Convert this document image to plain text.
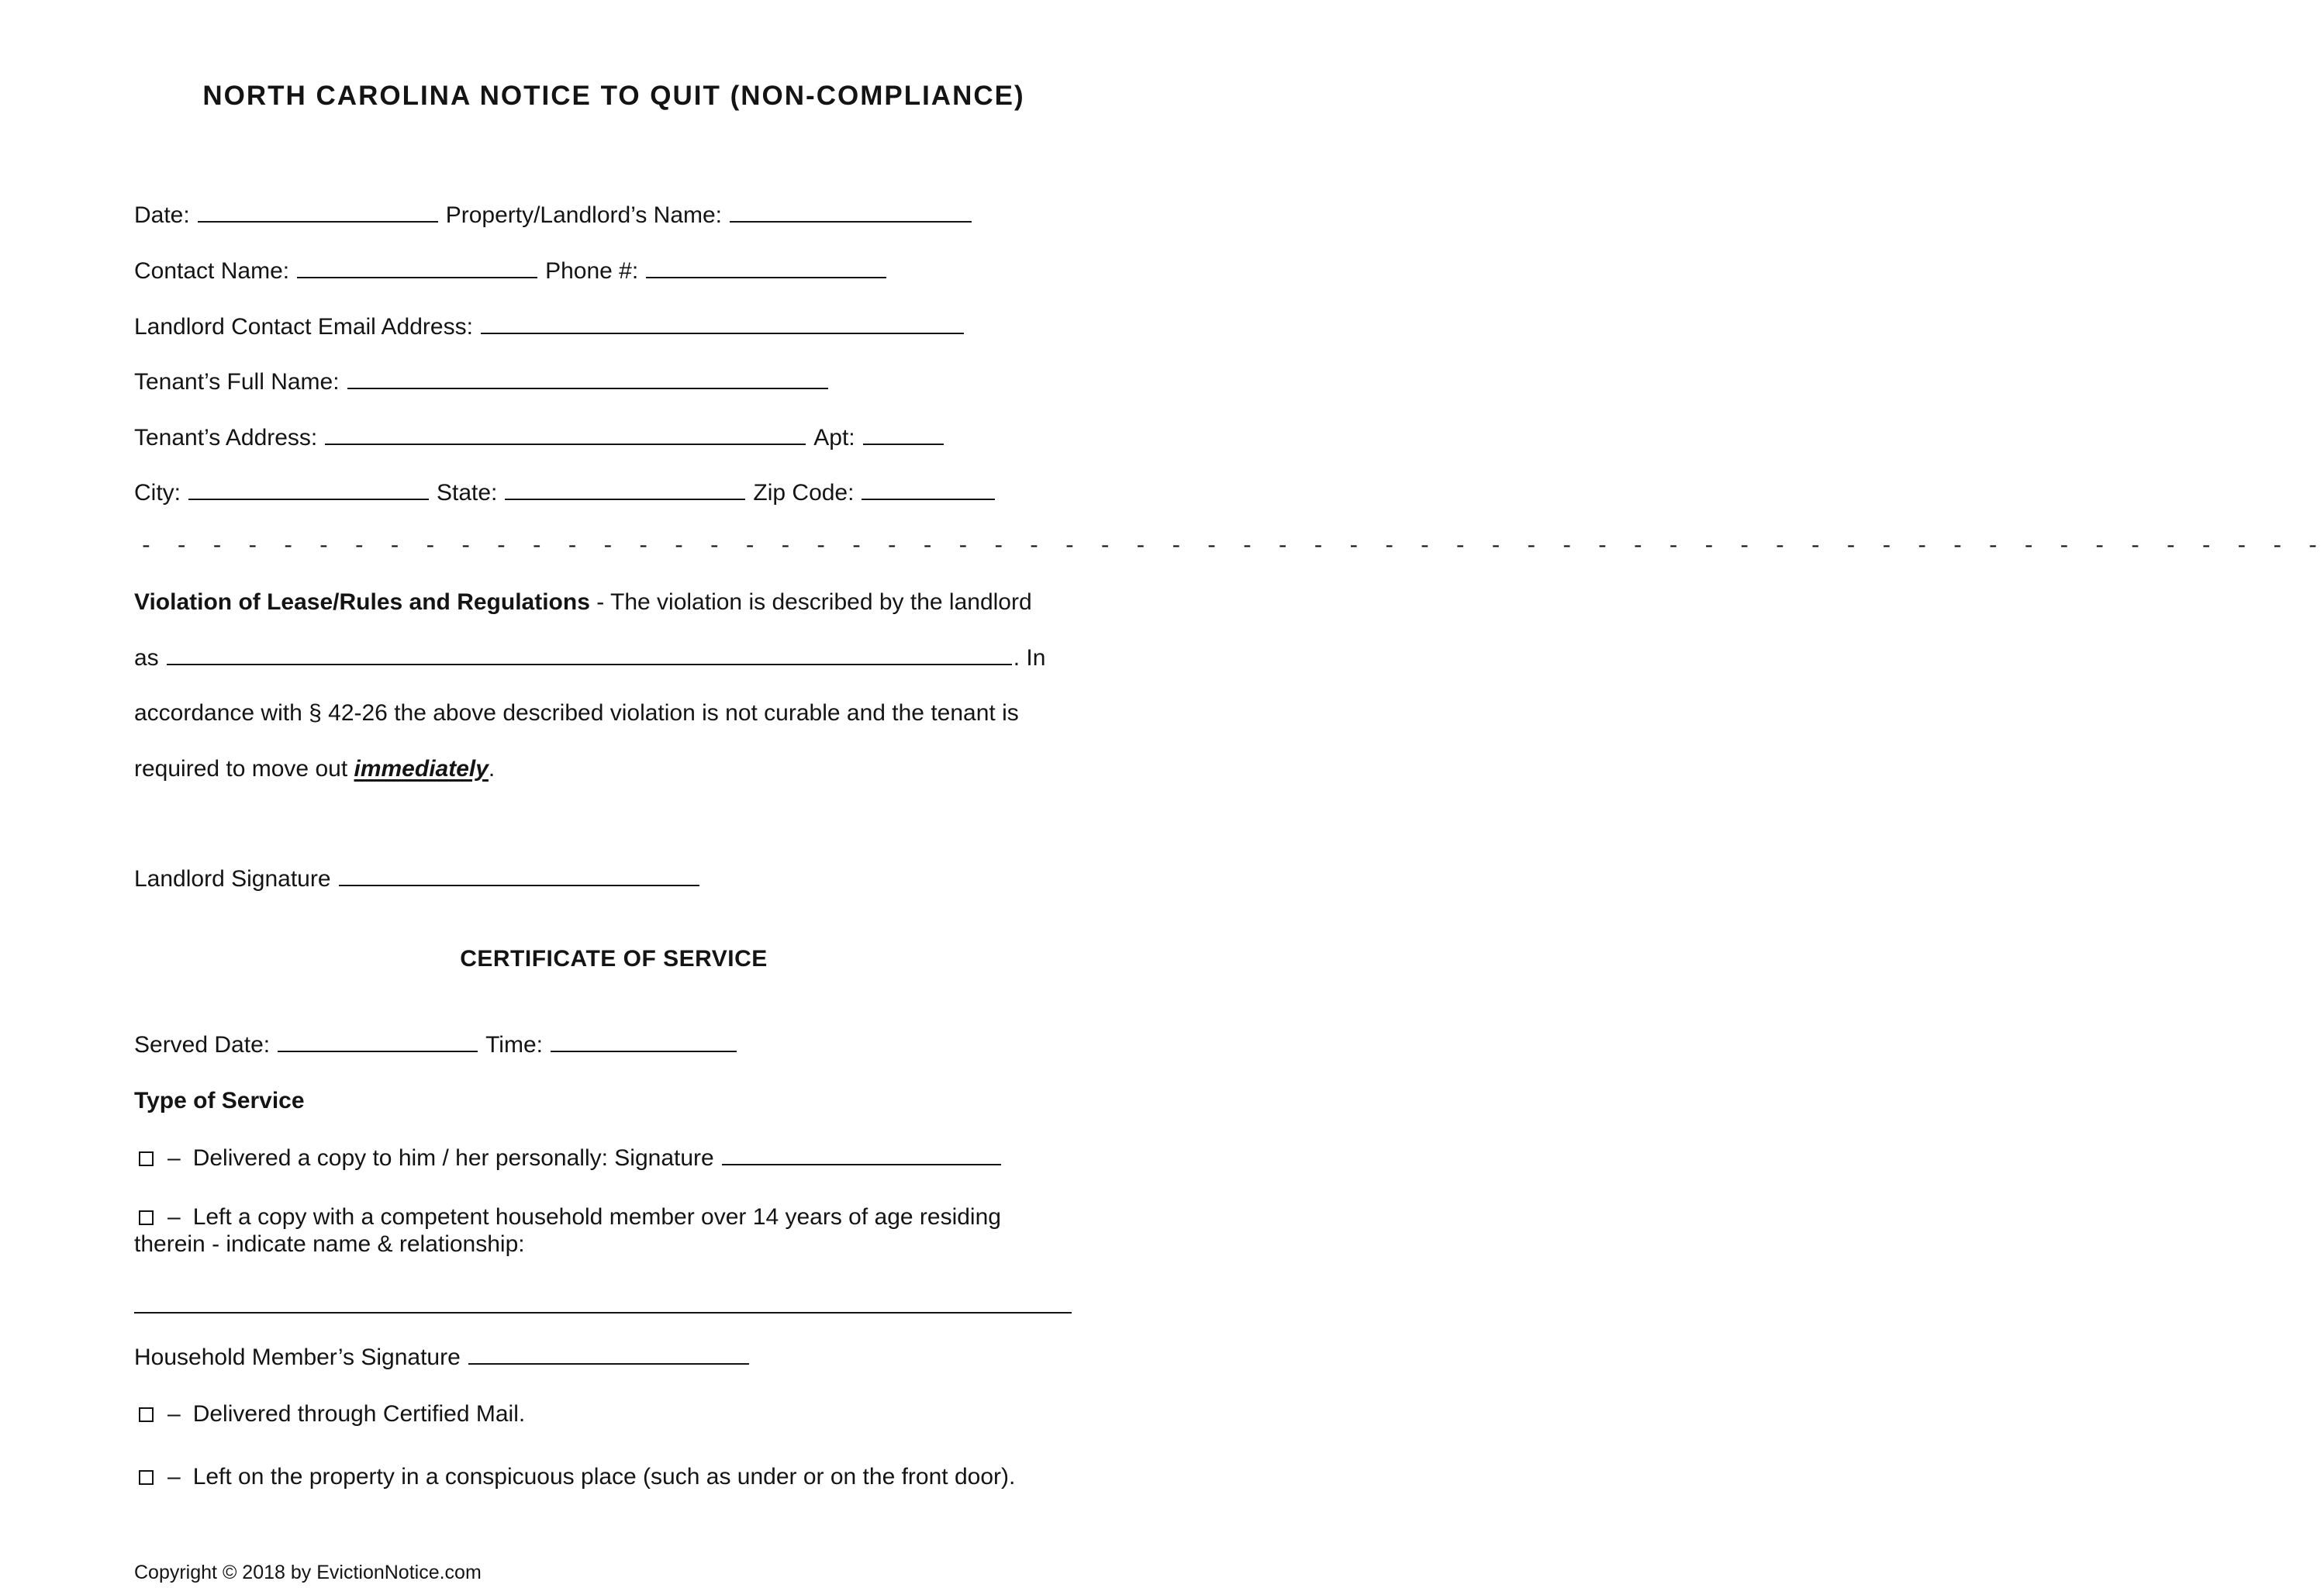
NORTH CAROLINA NOTICE TO QUIT (NON-COMPLIANCE)
Date:	Property/Landlord’s Name:
Contact Name:	Phone #:
Landlord Contact Email Address:
Tenant’s Full Name:
Tenant’s Address:	Apt:
City:	State:	Zip Code:
- - - - - - - - - - - - - - - - - - - - - - - - - - - - - - - - - - - - - - - - - - - - - - - - - - - - - - - - - - - - - -
Violation of Lease/Rules and Regulations - The violation is described by the landlord
as	. In
accordance with § 42-26 the above described violation is not curable and the tenant is
required to move out immediately .
Landlord Signature
CERTIFICATE OF SERVICE
Served Date:	Time:
Type of Service
– Delivered a copy to him / her personally: Signature
– Left a copy with a competent household member over 14 years of age residing
therein - indicate name & relationship:
Household Member’s Signature
– Delivered through Certified Mail.
– Left on the property in a conspicuous place (such as under or on the front door).
Copyright © 2018 by EvictionNotice.com
